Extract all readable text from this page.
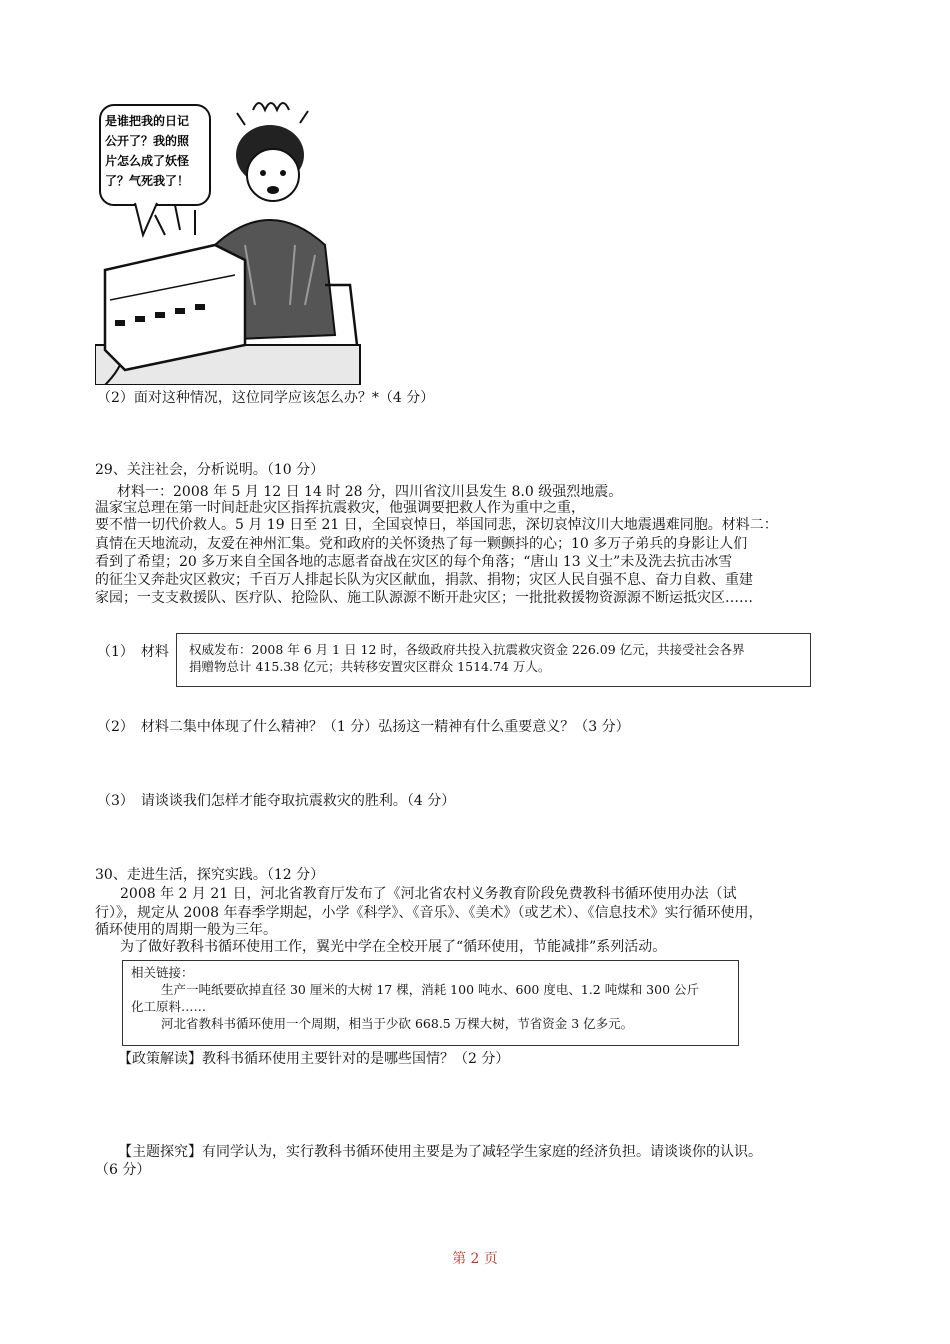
是谁把我的日记
公开了？我的照
片怎么成了妖怪
了？气死我了！
（2）面对这种情况，这位同学应该怎么办？*（4 分）
29、关注社会，分析说明。（10 分）
材料一：2008 年 5 月 12 日 14 时 28 分，四川省汶川县发生 8.0 级强烈地震。
温家宝总理在第一时间赶赴灾区指挥抗震救灾，他强调要把救人作为重中之重，
要不惜一切代价救人。5 月 19 日至 21 日，全国哀悼日，举国同悲，深切哀悼汶川大地震遇难同胞。材料二：
真情在天地流动，友爱在神州汇集。党和政府的关怀烫热了每一颗颤抖的心；10 多万子弟兵的身影让人们
看到了希望；20 多万来自全国各地的志愿者奋战在灾区的每个角落；“唐山 13 义士”未及洗去抗击冰雪
的征尘又奔赴灾区救灾；千百万人排起长队为灾区献血，捐款、捐物；灾区人民自强不息、奋力自救、重建
家园；一支支救援队、医疗队、抢险队、施工队源源不断开赴灾区；一批批救援物资源源不断运抵灾区……
（1）　材料 权威发布：2008 年 6 月 1 日 12 时，各级政府共投入抗震救灾资金 226.09 亿元，共接受社会各界
捐赠物总计 415.38 亿元；共转移安置灾区群众 1514.74 万人。
（2）　材料二集中体现了什么精神？（1 分）弘扬这一精神有什么重要意义？（3 分）
（3）　请谈谈我们怎样才能夺取抗震救灾的胜利。（4 分）
30、走进生活，探究实践。（12 分）
2008 年 2 月 21 日，河北省教育厅发布了《河北省农村义务教育阶段免费教科书循环使用办法（试
行）》，规定从 2008 年春季学期起，小学《科学》、《音乐》、《美术》（或艺术）、《信息技术》实行循环使用，
循环使用的周期一般为三年。
为了做好教科书循环使用工作，翼光中学在全校开展了“循环使用，节能减排”系列活动。
相关链接：
生产一吨纸要砍掉直径 30 厘米的大树 17 棵，消耗 100 吨水、600 度电、1.2 吨煤和 300 公斤
化工原料……
河北省教科书循环使用一个周期，相当于少砍 668.5 万棵大树，节省资金 3 亿多元。
【政策解读】教科书循环使用主要针对的是哪些国情？（2 分）
【主题探究】有同学认为，实行教科书循环使用主要是为了减轻学生家庭的经济负担。请谈谈你的认识。
（6 分）
第 2 页
